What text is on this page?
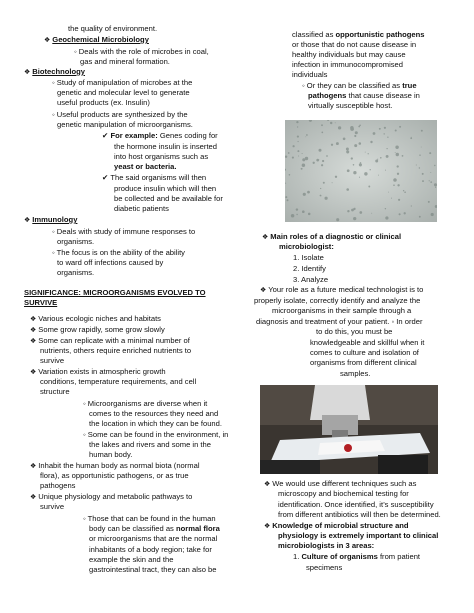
the quality of environment.
❖ Geochemical Microbiology
◦ Deals with the role of microbes in coal,
gas and mineral formation.
❖ Biotechnology
◦ Study of manipulation of microbes at the
genetic and molecular level to generate
useful products (ex. Insulin)
◦ Useful products are synthesized by the
genetic manipulation of microorganisms.
✔ For example: Genes coding for
the hormone insulin is inserted
into host organisms such as
yeast or bacteria.
✔ The said organisms will then
produce insulin which will then
be collected and be available for
diabetic patients
❖ Immunology
◦ Deals with study of immune responses to
organisms.
◦ The focus is on the ability of the ability
to ward off infections caused by
organisms.
SIGNIFICANCE: MICROORGANISMS EVOLVED TO
SURVIVE
❖ Various ecologic niches and habitats
❖ Some grow rapidly, some grow slowly
❖ Some can replicate with a minimal number of
nutrients, others require enriched nutrients to
survive
❖ Variation exists in atmospheric growth
conditions, temperature requirements, and cell
structure
◦ Microorganisms are diverse when it
comes to the resources they need and
the location in which they can be found.
◦ Some can be found in the environment, in
the lakes and rivers and some in the
human body.
❖ Inhabit the human body as normal biota (normal
flora), as opportunistic pathogens, or as true
pathogens
❖ Unique physiology and metabolic pathways to
survive
◦ Those that can be found in the human
body can be classified as normal flora
or microorganisms that are the normal
inhabitants of a body region; take for
example the skin and the
gastrointestinal tract, they can also be
classified as opportunistic pathogens
or those that do not cause disease in
healthy individuals but may cause
infection in immunocompromised
individuals
◦ Or they can be classified as true
pathogens that cause disease in
virtually susceptible host.
❖ Main roles of a diagnostic or clinical
microbiologist:
1. Isolate
2. Identify
3. Analyze
❖ Your role as a future medical technologist is to
properly isolate, correctly identify and analyze the
microorganisms in their sample through a
diagnosis and treatment of your patient. ◦ In order
to do this, you must be
knowledgeable and skillful when it
comes to culture and isolation of
organisms from different clinical
samples.
❖ We would use different techniques such as
microscopy and biochemical testing for
identification. Once identified, it’s susceptibility
from different antibiotics will then be determined.
❖ Knowledge of microbial structure and
physiology is extremely important to clinical
microbiologists in 3 areas:
1. Culture of organisms from patient
specimens
